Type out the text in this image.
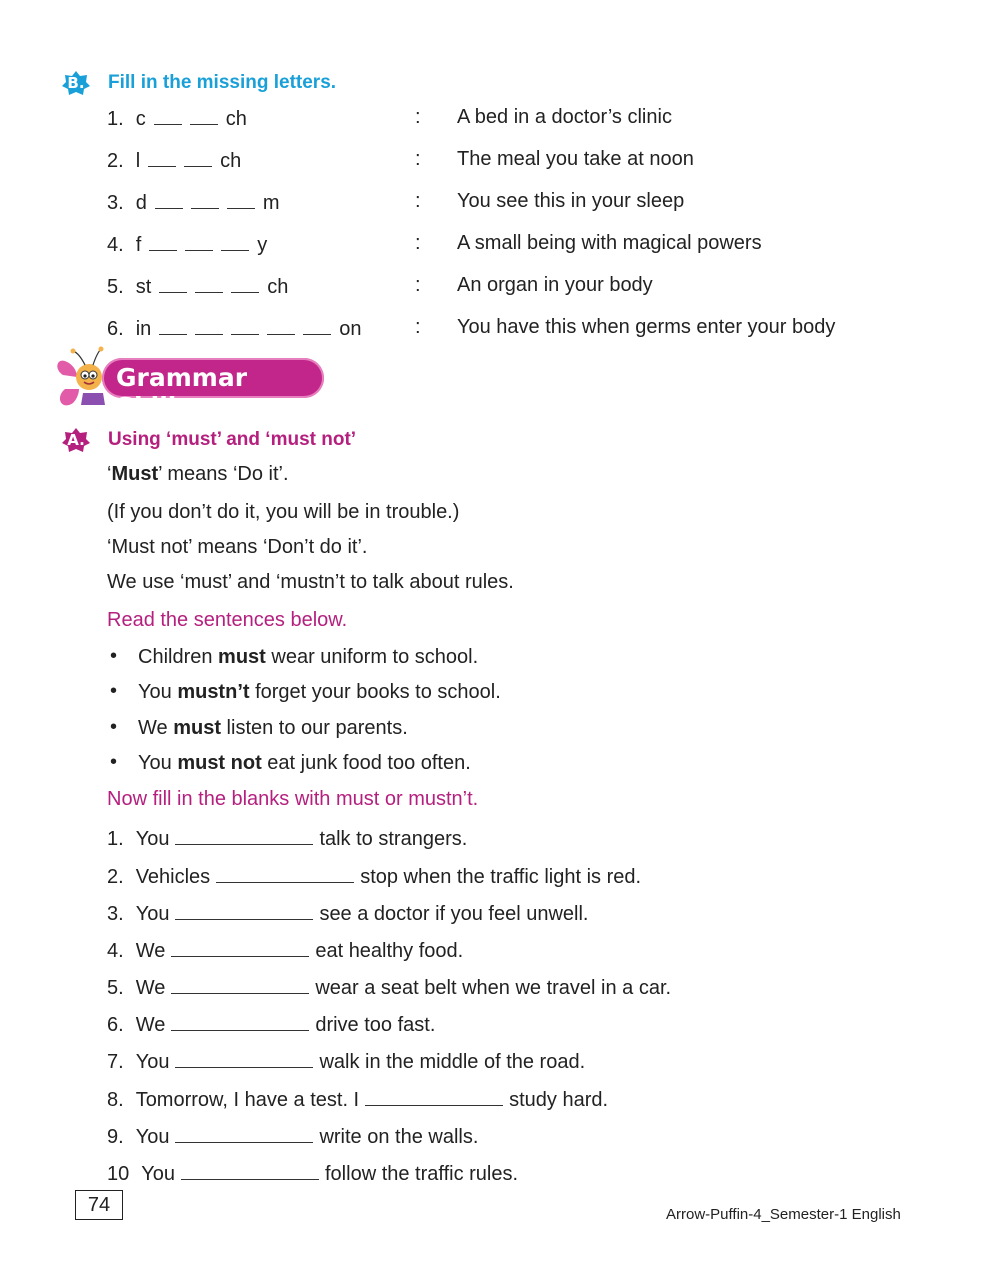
B. Fill in the missing letters.
1. c	ch	: A bed in a doctor’s clinic
2. l	ch	: The meal you take at noon
3. d	m	: You see this in your sleep
4. f	y	: A small being with magical powers
5. st	ch	: An organ in your body
6. in	on	: You have this when germs enter your body
Grammar Skills
A. Using ‘must’ and ‘must not’
‘Must’ means ‘Do it’.
(If you don’t do it, you will be in trouble.)
‘Must not’ means ‘Don’t do it’.
We use ‘must’ and ‘mustn’t to talk about rules.
Read the sentences below.
• Children must wear uniform to school.
• You mustn’t forget your books to school.
• We must listen to our parents.
• You must not eat junk food too often.
Now fill in the blanks with must or mustn’t.
1. You	talk to strangers.
2. Vehicles	stop when the traffic light is red.
3. You	see a doctor if you feel unwell.
4. We	eat healthy food.
5. We	wear a seat belt when we travel in a car.
6. We	drive too fast.
7. You	walk in the middle of the road.
8. Tomorrow, I have a test. I	study hard.
9. You	write on the walls.
10 You	follow the traffic rules.
74	Arrow-Puffin-4_Semester-1 English
